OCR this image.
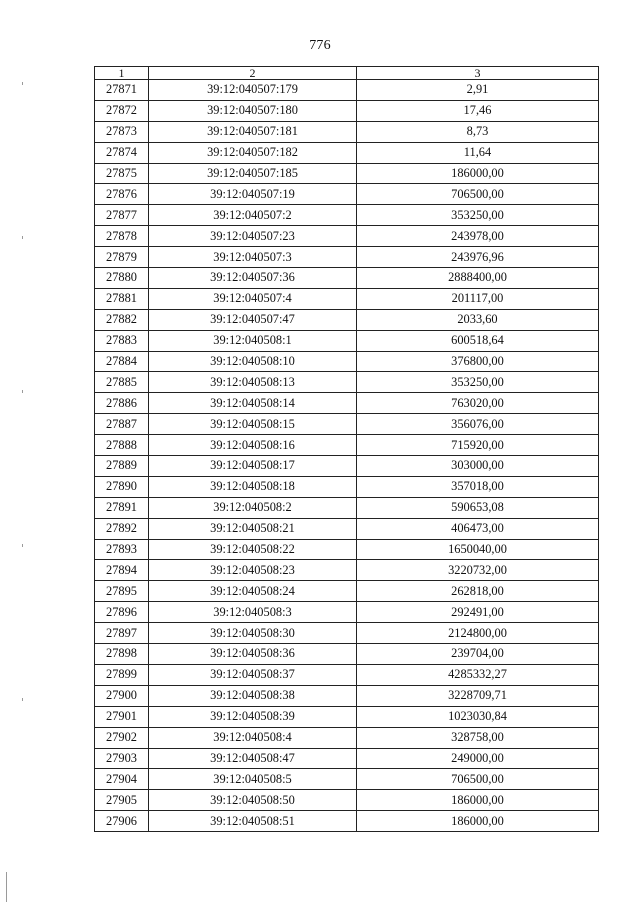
776
1	2	3
27871	39:12:040507:179	2,91
27872	39:12:040507:180	17,46
27873	39:12:040507:181	8,73
27874	39:12:040507:182	11,64
27875	39:12:040507:185	186000,00
27876	39:12:040507:19	706500,00
27877	39:12:040507:2	353250,00
27878	39:12:040507:23	243978,00
27879	39:12:040507:3	243976,96
27880	39:12:040507:36	2888400,00
27881	39:12:040507:4	201117,00
27882	39:12:040507:47	2033,60
27883	39:12:040508:1	600518,64
27884	39:12:040508:10	376800,00
27885	39:12:040508:13	353250,00
27886	39:12:040508:14	763020,00
27887	39:12:040508:15	356076,00
27888	39:12:040508:16	715920,00
27889	39:12:040508:17	303000,00
27890	39:12:040508:18	357018,00
27891	39:12:040508:2	590653,08
27892	39:12:040508:21	406473,00
27893	39:12:040508:22	1650040,00
27894	39:12:040508:23	3220732,00
27895	39:12:040508:24	262818,00
27896	39:12:040508:3	292491,00
27897	39:12:040508:30	2124800,00
27898	39:12:040508:36	239704,00
27899	39:12:040508:37	4285332,27
27900	39:12:040508:38	3228709,71
27901	39:12:040508:39	1023030,84
27902	39:12:040508:4	328758,00
27903	39:12:040508:47	249000,00
27904	39:12:040508:5	706500,00
27905	39:12:040508:50	186000,00
27906	39:12:040508:51	186000,00
